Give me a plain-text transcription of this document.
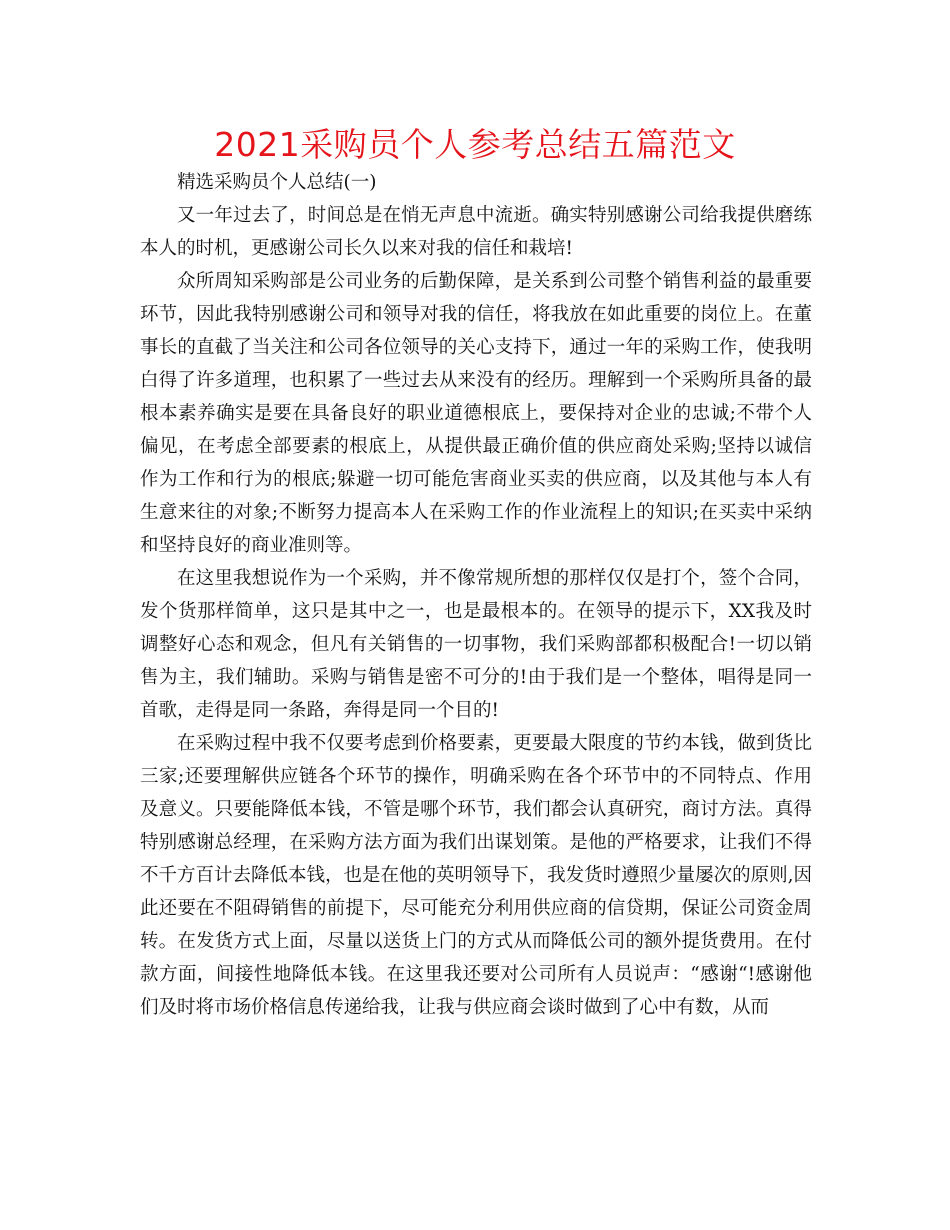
2021采购员个人参考总结五篇范文

精选采购员个人总结(一)

又一年过去了，时间总是在悄无声息中流逝。确实特别感谢公司给我提供磨练本人的时机，更感谢公司长久以来对我的信任和栽培!

众所周知采购部是公司业务的后勤保障，是关系到公司整个销售利益的最重要环节，因此我特别感谢公司和领导对我的信任，将我放在如此重要的岗位上。在董事长的直截了当关注和公司各位领导的关心支持下，通过一年的采购工作，使我明白得了许多道理，也积累了一些过去从来没有的经历。理解到一个采购所具备的最根本素养确实是要在具备良好的职业道德根底上，要保持对企业的忠诚;不带个人偏见，在考虑全部要素的根底上，从提供最正确价值的供应商处采购;坚持以诚信作为工作和行为的根底;躲避一切可能危害商业买卖的供应商，以及其他与本人有生意来往的对象;不断努力提高本人在采购工作的作业流程上的知识;在买卖中采纳和坚持良好的商业准则等。

在这里我想说作为一个采购，并不像常规所想的那样仅仅是打个，签个合同，发个货那样简单，这只是其中之一，也是最根本的。在领导的提示下，XX我及时调整好心态和观念，但凡有关销售的一切事物，我们采购部都积极配合!一切以销售为主，我们辅助。采购与销售是密不可分的!由于我们是一个整体，唱得是同一首歌，走得是同一条路，奔得是同一个目的!

在采购过程中我不仅要考虑到价格要素，更要最大限度的节约本钱，做到货比三家;还要理解供应链各个环节的操作，明确采购在各个环节中的不同特点、作用及意义。只要能降低本钱，不管是哪个环节，我们都会认真研究，商讨方法。真得特别感谢总经理，在采购方法方面为我们出谋划策。是他的严格要求，让我们不得不千方百计去降低本钱，也是在他的英明领导下，我发货时遵照少量屡次的原则,因此还要在不阻碍销售的前提下，尽可能充分利用供应商的信贷期，保证公司资金周转。在发货方式上面，尽量以送货上门的方式从而降低公司的额外提货费用。在付款方面，间接性地降低本钱。在这里我还要对公司所有人员说声：“感谢“!感谢他们及时将市场价格信息传递给我，让我与供应商会谈时做到了心中有数，从而
